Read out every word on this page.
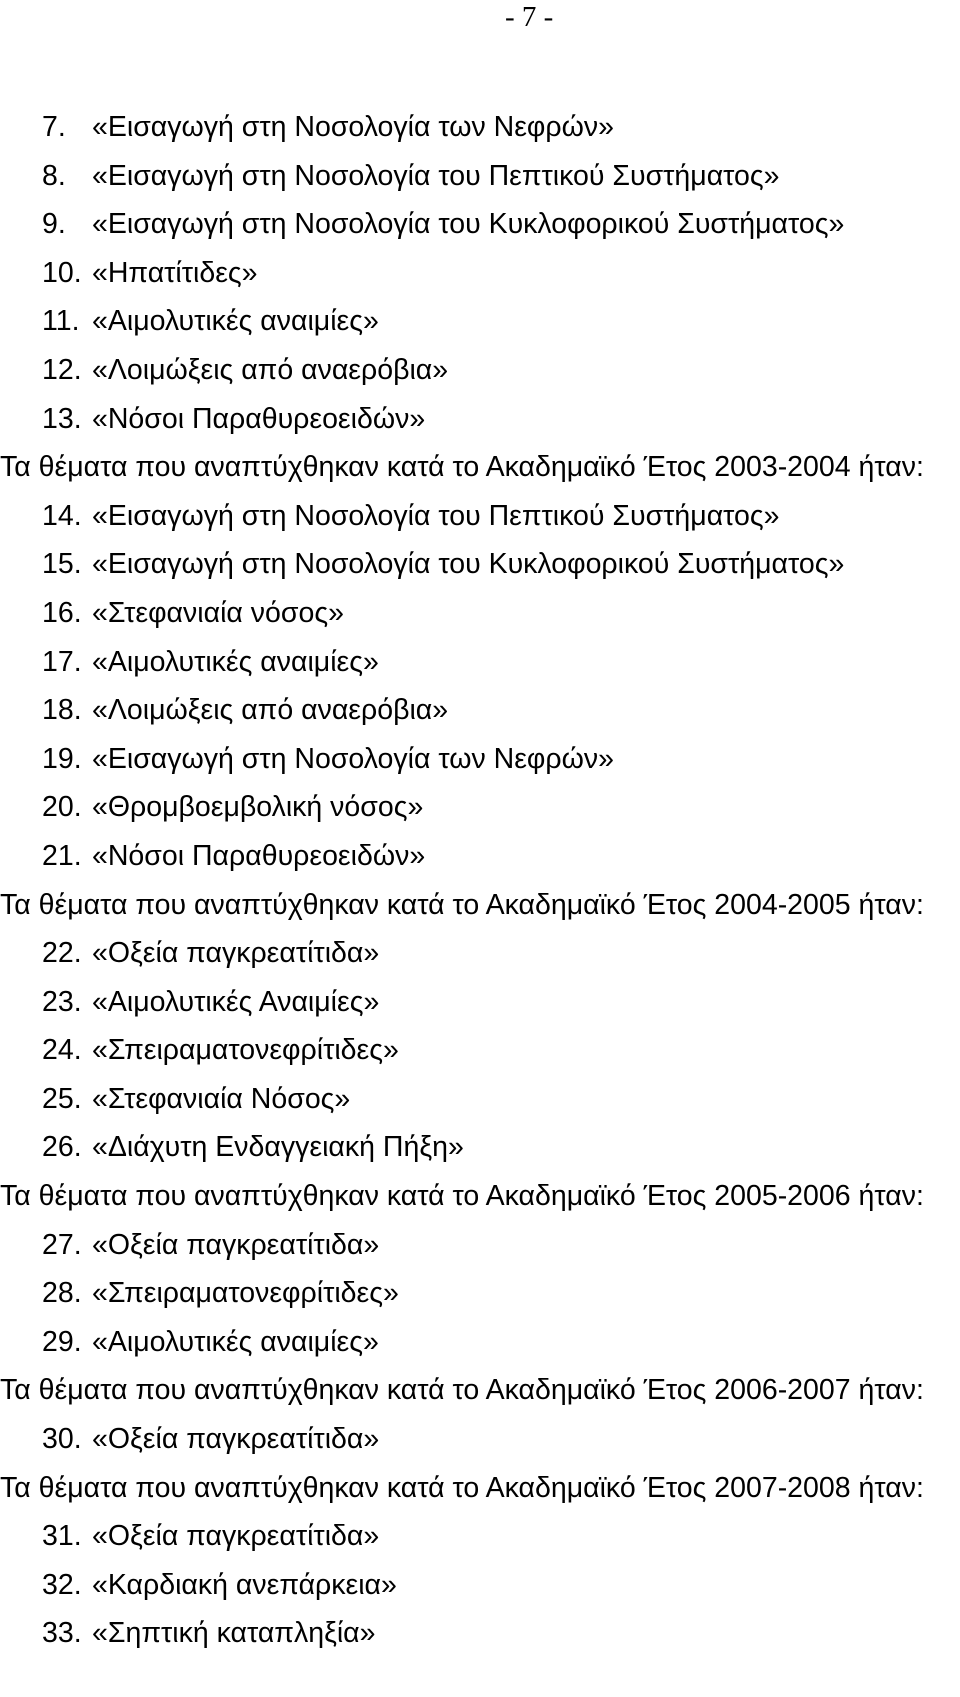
- 7 -
7. «Εισαγωγή στη Νοσολογία των Νεφρών»
8. «Εισαγωγή στη Νοσολογία του Πεπτικού Συστήματος»
9. «Εισαγωγή στη Νοσολογία του Κυκλοφορικού Συστήματος»
10. «Ηπατίτιδες»
11. «Αιμολυτικές αναιμίες»
12. «Λοιμώξεις από αναερόβια»
13. «Νόσοι Παραθυρεοειδών»
Τα θέματα που αναπτύχθηκαν κατά το Ακαδημαϊκό Έτος 2003-2004 ήταν:
14. «Εισαγωγή στη Νοσολογία του Πεπτικού Συστήματος»
15. «Εισαγωγή στη Νοσολογία του Κυκλοφορικού Συστήματος»
16. «Στεφανιαία νόσος»
17. «Αιμολυτικές αναιμίες»
18. «Λοιμώξεις από αναερόβια»
19. «Εισαγωγή στη Νοσολογία των Νεφρών»
20. «Θρομβοεμβολική νόσος»
21. «Νόσοι Παραθυρεοειδών»
Τα θέματα που αναπτύχθηκαν κατά το Ακαδημαϊκό Έτος 2004-2005 ήταν:
22. «Οξεία παγκρεατίτιδα»
23. «Αιμολυτικές Αναιμίες»
24. «Σπειραματονεφρίτιδες»
25. «Στεφανιαία Νόσος»
26. «Διάχυτη Ενδαγγειακή Πήξη»
Τα θέματα που αναπτύχθηκαν κατά το Ακαδημαϊκό Έτος 2005-2006 ήταν:
27. «Οξεία παγκρεατίτιδα»
28. «Σπειραματονεφρίτιδες»
29. «Αιμολυτικές αναιμίες»
Τα θέματα που αναπτύχθηκαν κατά το Ακαδημαϊκό Έτος 2006-2007 ήταν:
30. «Οξεία παγκρεατίτιδα»
Τα θέματα που αναπτύχθηκαν κατά το Ακαδημαϊκό Έτος 2007-2008 ήταν:
31. «Οξεία παγκρεατίτιδα»
32. «Καρδιακή ανεπάρκεια»
33. «Σηπτική καταπληξία»
